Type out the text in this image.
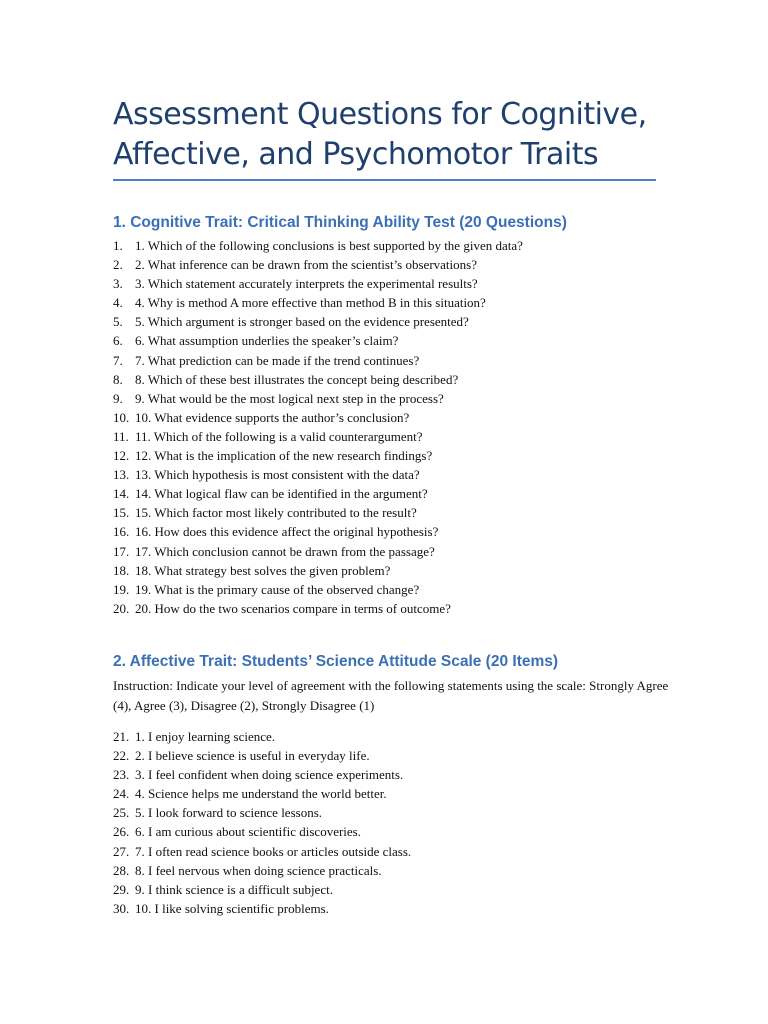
Assessment Questions for Cognitive, Affective, and Psychomotor Traits
1. Cognitive Trait: Critical Thinking Ability Test (20 Questions)
1. 1. Which of the following conclusions is best supported by the given data?
2. 2. What inference can be drawn from the scientist’s observations?
3. 3. Which statement accurately interprets the experimental results?
4. 4. Why is method A more effective than method B in this situation?
5. 5. Which argument is stronger based on the evidence presented?
6. 6. What assumption underlies the speaker’s claim?
7. 7. What prediction can be made if the trend continues?
8. 8. Which of these best illustrates the concept being described?
9. 9. What would be the most logical next step in the process?
10. 10. What evidence supports the author’s conclusion?
11. 11. Which of the following is a valid counterargument?
12. 12. What is the implication of the new research findings?
13. 13. Which hypothesis is most consistent with the data?
14. 14. What logical flaw can be identified in the argument?
15. 15. Which factor most likely contributed to the result?
16. 16. How does this evidence affect the original hypothesis?
17. 17. Which conclusion cannot be drawn from the passage?
18. 18. What strategy best solves the given problem?
19. 19. What is the primary cause of the observed change?
20. 20. How do the two scenarios compare in terms of outcome?
2. Affective Trait: Students’ Science Attitude Scale (20 Items)

Instruction: Indicate your level of agreement with the following statements using the scale: Strongly Agree (4), Agree (3), Disagree (2), Strongly Disagree (1)

21. 1. I enjoy learning science.
22. 2. I believe science is useful in everyday life.
23. 3. I feel confident when doing science experiments.
24. 4. Science helps me understand the world better.
25. 5. I look forward to science lessons.
26. 6. I am curious about scientific discoveries.
27. 7. I often read science books or articles outside class.
28. 8. I feel nervous when doing science practicals.
29. 9. I think science is a difficult subject.
30. 10. I like solving scientific problems.
